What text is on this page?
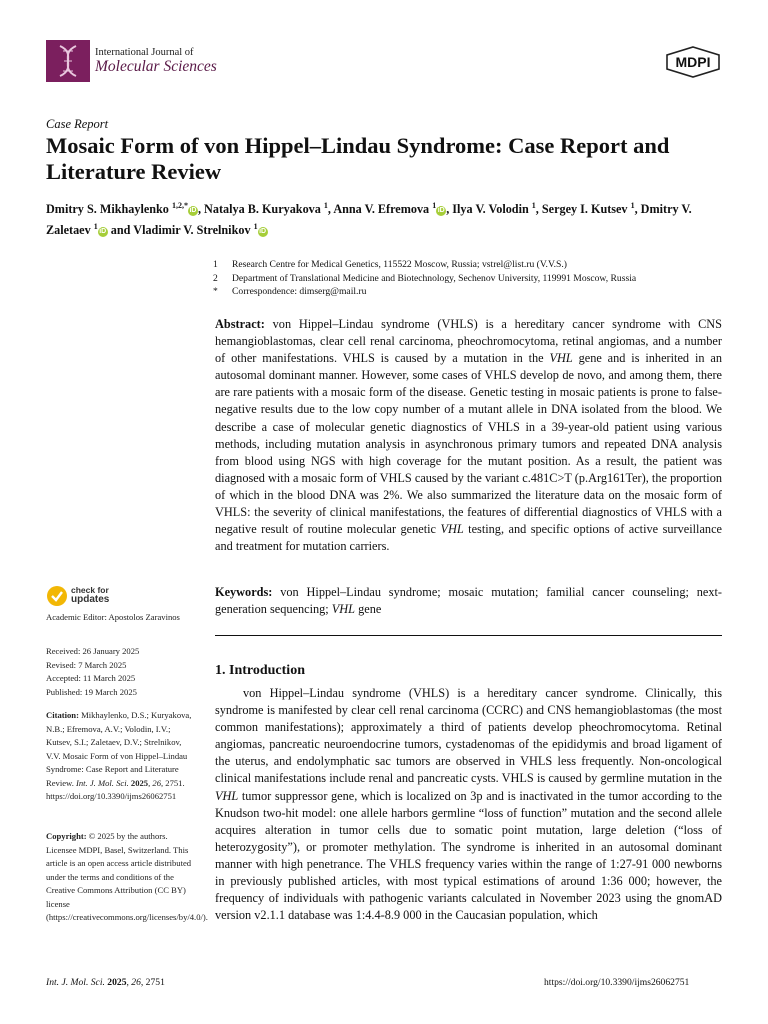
International Journal of
Molecular Sciences	MDPI
Case Report
Mosaic Form of von Hippel–Lindau Syndrome: Case Report and Literature Review
Dmitry S. Mikhaylenko $^{1,2,*}$iD , Natalya B. Kuryakova $^1$, Anna V. Efremova $^1$iD , Ilya V. Volodin $^1$, Sergey I. Kutsev $^1$, Dmitry V. Zaletaev $^1$iD and Vladimir V. Strelnikov $^1$iD
1	Research Centre for Medical Genetics, 115522 Moscow, Russia; vstrel@list.ru (V.V.S.)
2	Department of Translational Medicine and Biotechnology, Sechenov University, 119991 Moscow, Russia
*	Correspondence: dimserg@mail.ru
Abstract: von Hippel–Lindau syndrome (VHLS) is a hereditary cancer syndrome with CNS hemangioblastomas, clear cell renal carcinoma, pheochromocytoma, retinal angiomas, and a number of other manifestations. VHLS is caused by a mutation in the VHL gene and is inherited in an autosomal dominant manner. However, some cases of VHLS develop de novo, and among them, there are rare patients with a mosaic form of the disease. Genetic testing in mosaic patients is prone to false-negative results due to the low copy number of a mutant allele in DNA isolated from the blood. We describe a case of molecular genetic diagnostics of VHLS in a 39-year-old patient using various methods, including mutation analysis in asynchronous primary tumors and repeated DNA analysis from blood using NGS with high coverage for the mutant position. As a result, the patient was diagnosed with a mosaic form of VHLS caused by the variant c.481C>T (p.Arg161Ter), the proportion of which in the blood DNA was 2%. We also summarized the literature data on the mosaic form of VHLS: the severity of clinical manifestations, the features of differential diagnostics of VHLS with a negative result of routine molecular genetic VHL testing, and specific options of active surveillance and treatment for mutation carriers.
Keywords: von Hippel–Lindau syndrome; mosaic mutation; familial cancer counseling; next-generation sequencing; VHL gene
1. Introduction
von Hippel–Lindau syndrome (VHLS) is a hereditary cancer syndrome. Clinically, this syndrome is manifested by clear cell renal carcinoma (CCRC) and CNS hemangioblastomas (the most common manifestations); approximately a third of patients develop pheochromocytoma. Retinal angiomas, pancreatic neuroendocrine tumors, cystadenomas of the epididymis and broad ligament of the uterus, and endolymphatic sac tumors are observed in VHLS less frequently. Non-oncological clinical manifestations include renal and pancreatic cysts. VHLS is caused by germline mutation in the VHL tumor suppressor gene, which is localized on 3p and is inactivated in the tumor according to the Knudson two-hit model: one allele harbors germline “loss of function” mutation and the second allele acquires alteration in tumor cells due to somatic point mutation, large deletion (“loss of heterozygosity”), or promoter methylation. The syndrome is inherited in an autosomal dominant manner with high penetrance. The VHLS frequency varies within the range of 1:27-91 000 newborns in previously published articles, with most typical estimations of around 1:36 000; however, the frequency of individuals with pathogenic variants calculated in November 2023 using the gnomAD version v2.1.1 database was 1:4.4-8.9 000 in the Caucasian population, which
check for
updates
Academic Editor: Apostolos Zaravinos
Received: 26 January 2025
Revised: 7 March 2025
Accepted: 11 March 2025
Published: 19 March 2025
Citation: Mikhaylenko, D.S.; Kuryakova, N.B.; Efremova, A.V.; Volodin, I.V.; Kutsev, S.I.; Zaletaev, D.V.; Strelnikov, V.V. Mosaic Form of von Hippel–Lindau Syndrome: Case Report and Literature Review. Int. J. Mol. Sci. 2025, 26, 2751. https://doi.org/10.3390/ijms26062751
Copyright: © 2025 by the authors. Licensee MDPI, Basel, Switzerland. This article is an open access article distributed under the terms and conditions of the Creative Commons Attribution (CC BY) license (https://creativecommons.org/licenses/by/4.0/).
Int. J. Mol. Sci. 2025, 26, 2751	https://doi.org/10.3390/ijms26062751
